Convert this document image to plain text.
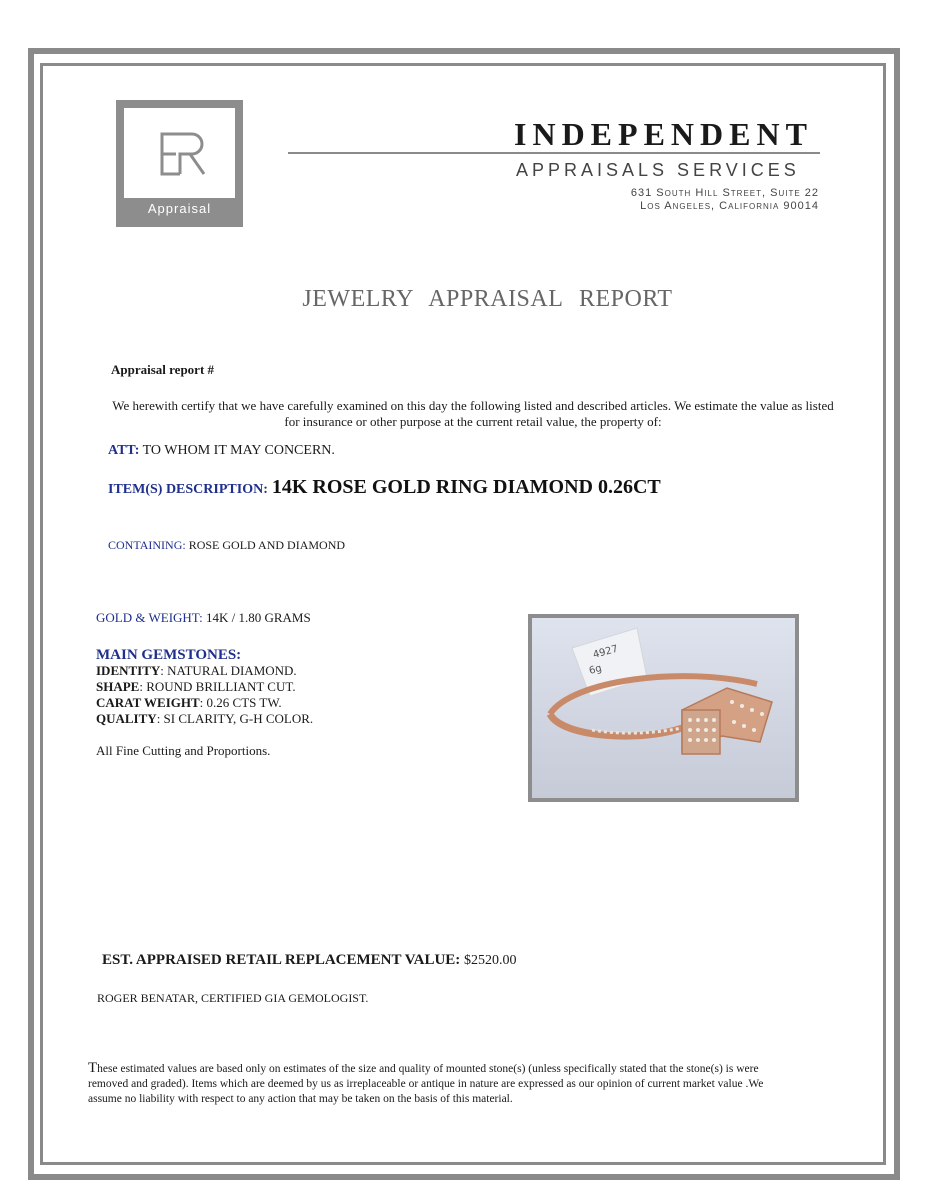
Appraisal
INDEPENDENT
APPRAISALS SERVICES
631 South Hill Street, Suite 22
Los Angeles, California 90014
JEWELRY APPRAISAL REPORT
Appraisal report #
We herewith certify that we have carefully examined on this day the following listed and described articles. We estimate the value as listed for insurance or other purpose at the current retail value, the property of:
ATT: TO WHOM IT MAY CONCERN.
ITEM(S) DESCRIPTION: 14K ROSE GOLD RING DIAMOND 0.26CT
CONTAINING: ROSE GOLD AND DIAMOND
GOLD & WEIGHT: 14K / 1.80 GRAMS
MAIN GEMSTONES:
IDENTITY: NATURAL DIAMOND.
SHAPE: ROUND BRILLIANT CUT.
CARAT WEIGHT: 0.26 CTS TW.
QUALITY: SI CLARITY, G-H COLOR.
All Fine Cutting and Proportions.
4927
6g
EST. APPRAISED RETAIL REPLACEMENT VALUE: $2520.00
ROGER BENATAR, CERTIFIED GIA GEMOLOGIST.
These estimated values are based only on estimates of the size and quality of mounted stone(s) (unless specifically stated that the stone(s) is were removed and graded). Items which are deemed by us as irreplaceable or antique in nature are expressed as our opinion of current market value .We assume no liability with respect to any action that may be taken on the basis of this material.
